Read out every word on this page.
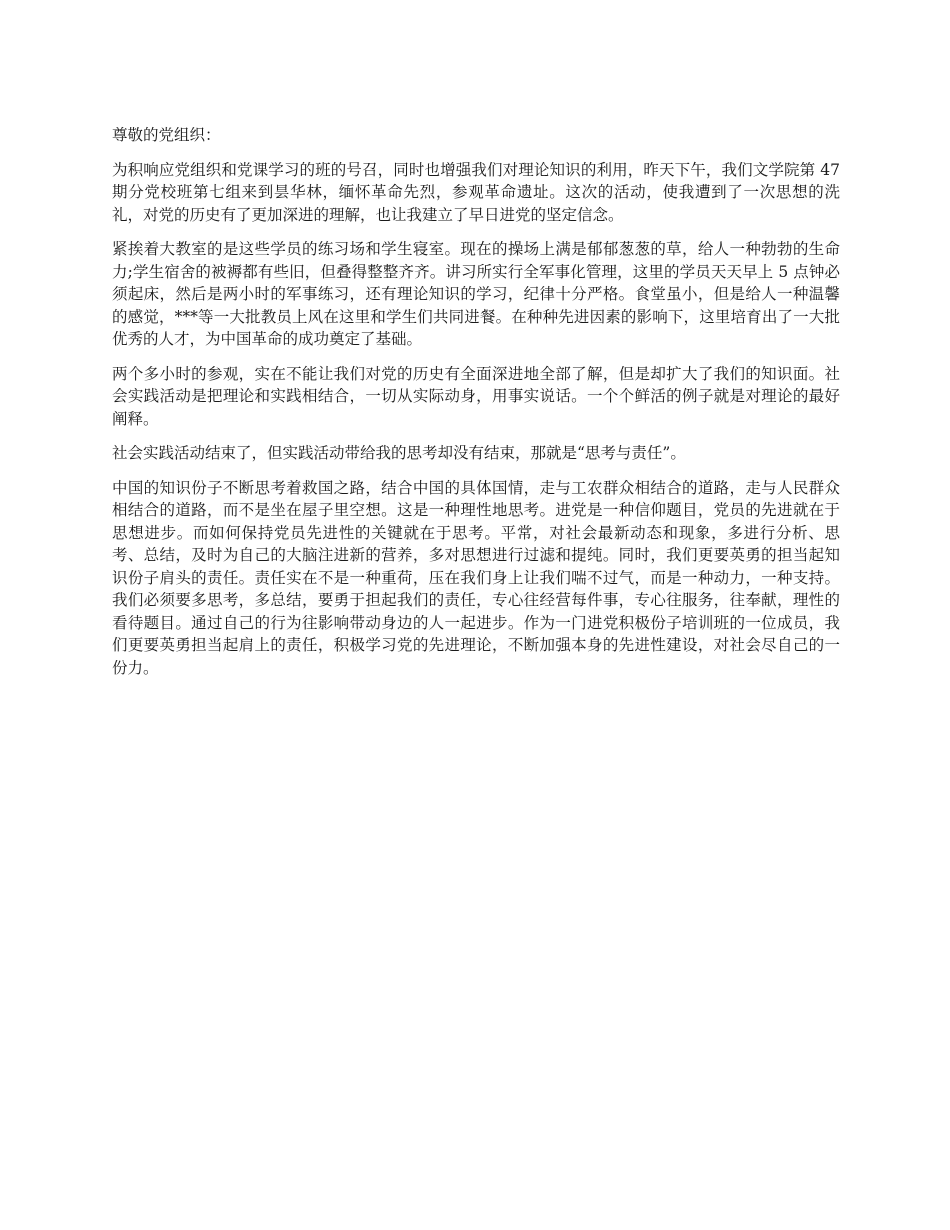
尊敬的党组织：

为积响应党组织和党课学习的班的号召，同时也增强我们对理论知识的利用，昨天下午，我们文学院第 47 期分党校班第七组来到昙华林，缅怀革命先烈，参观革命遗址。这次的活动，使我遭到了一次思想的洗礼，对党的历史有了更加深进的理解，也让我建立了早日进党的坚定信念。

紧挨着大教室的是这些学员的练习场和学生寝室。现在的操场上满是郁郁葱葱的草，给人一种勃勃的生命力;学生宿舍的被褥都有些旧，但叠得整整齐齐。讲习所实行全军事化管理，这里的学员天天早上 5 点钟必须起床，然后是两小时的军事练习，还有理论知识的学习，纪律十分严格。食堂虽小，但是给人一种温馨的感觉，***等一大批教员上风在这里和学生们共同进餐。在种种先进因素的影响下，这里培育出了一大批优秀的人才，为中国革命的成功奠定了基础。

两个多小时的参观，实在不能让我们对党的历史有全面深进地全部了解，但是却扩大了我们的知识面。社会实践活动是把理论和实践相结合，一切从实际动身，用事实说话。一个个鲜活的例子就是对理论的最好阐释。

社会实践活动结束了，但实践活动带给我的思考却没有结束，那就是“思考与责任”。

中国的知识份子不断思考着救国之路，结合中国的具体国情，走与工农群众相结合的道路，走与人民群众相结合的道路，而不是坐在屋子里空想。这是一种理性地思考。进党是一种信仰题目，党员的先进就在于思想进步。而如何保持党员先进性的关键就在于思考。平常，对社会最新动态和现象，多进行分析、思考、总结，及时为自己的大脑注进新的营养，多对思想进行过滤和提纯。同时，我们更要英勇的担当起知识份子肩头的责任。责任实在不是一种重荷，压在我们身上让我们喘不过气，而是一种动力，一种支持。我们必须要多思考，多总结，要勇于担起我们的责任，专心往经营每件事，专心往服务，往奉献，理性的看待题目。通过自己的行为往影响带动身边的人一起进步。作为一门进党积极份子培训班的一位成员，我们更要英勇担当起肩上的责任，积极学习党的先进理论，不断加强本身的先进性建设，对社会尽自己的一份力。
